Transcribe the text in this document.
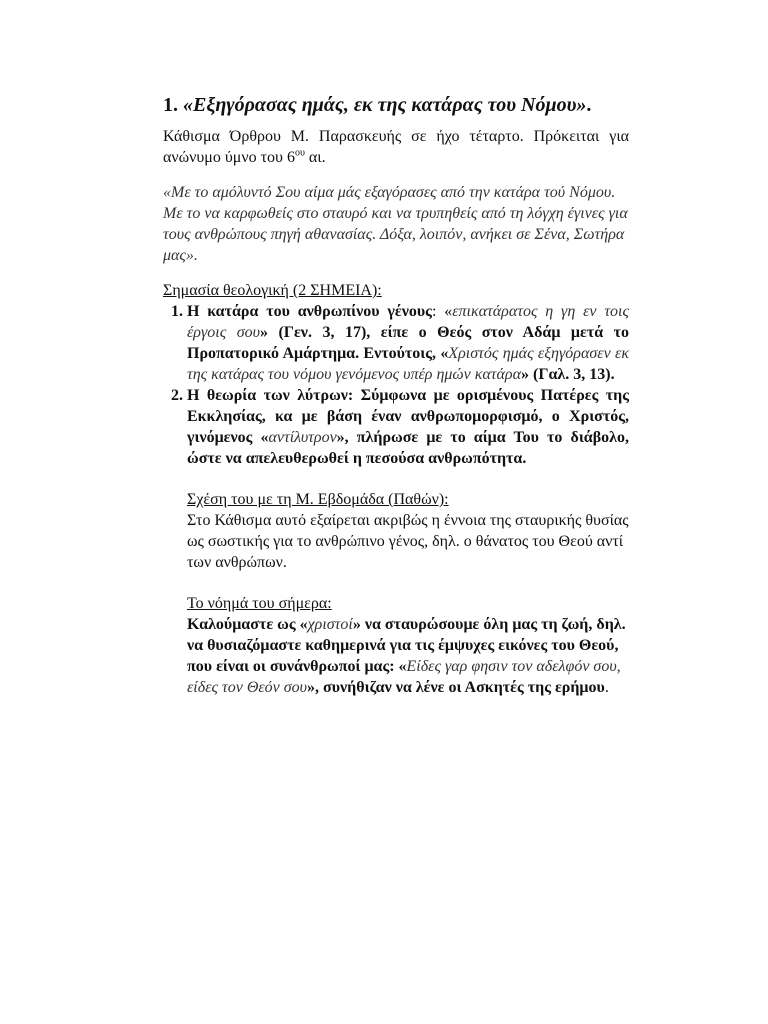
1. «Εξηγόρασας ημάς, εκ της κατάρας του Νόμου».

Κάθισμα Όρθρου Μ. Παρασκευής σε ήχο τέταρτο. Πρόκειται για ανώνυμο ύμνο του $6^{o\upsilon}$ αι.

«Με το αμόλυντό Σου αίμα μάς εξαγόρασες από την κατάρα τού Νόμου. Με το να καρφωθείς στο σταυρό και να τρυπηθείς από τη λόγχη έγινες για τους ανθρώπους πηγή αθανασίας. Δόξα, λοιπόν, ανήκει σε Σένα, Σωτήρα μας».

Σημασία θεολογική (2 ΣΗΜΕΙΑ):

1. Η κατάρα του ανθρωπίνου γένους: «επικατάρατος η γη εν τοις έργοις σου» (Γεν. 3, 17), είπε ο Θεός στον Αδάμ μετά το Προπατορικό Αμάρτημα. Εντούτοις, «Χριστός ημάς εξηγόρασεν εκ της κατάρας του νόμου γενόμενος υπέρ ημών κατάρα» (Γαλ. 3, 13).
2. Η θεωρία των λύτρων: Σύμφωνα με ορισμένους Πατέρες της Εκκλησίας, κα με βάση έναν ανθρωπομορφισμό, ο Χριστός, γινόμενος «αντίλυτρον», πλήρωσε με το αίμα Του το διάβολο, ώστε να απελευθερωθεί η πεσούσα ανθρωπότητα.

Σχέση του με τη Μ. Εβδομάδα (Παθών):

Στο Κάθισμα αυτό εξαίρεται ακριβώς η έννοια της σταυρικής θυσίας ως σωστικής για το ανθρώπινο γένος, δηλ. ο θάνατος του Θεού αντί των ανθρώπων.

Το νόημά του σήμερα:

Καλούμαστε ως «χριστοί» να σταυρώσουμε όλη μας τη ζωή, δηλ. να θυσιαζόμαστε καθημερινά για τις έμψυχες εικόνες του Θεού, που είναι οι συνάνθρωποί μας: «Είδες γαρ φησιν τον αδελφόν σου, είδες τον Θεόν σου», συνήθιζαν να λένε οι Ασκητές της ερήμου.
